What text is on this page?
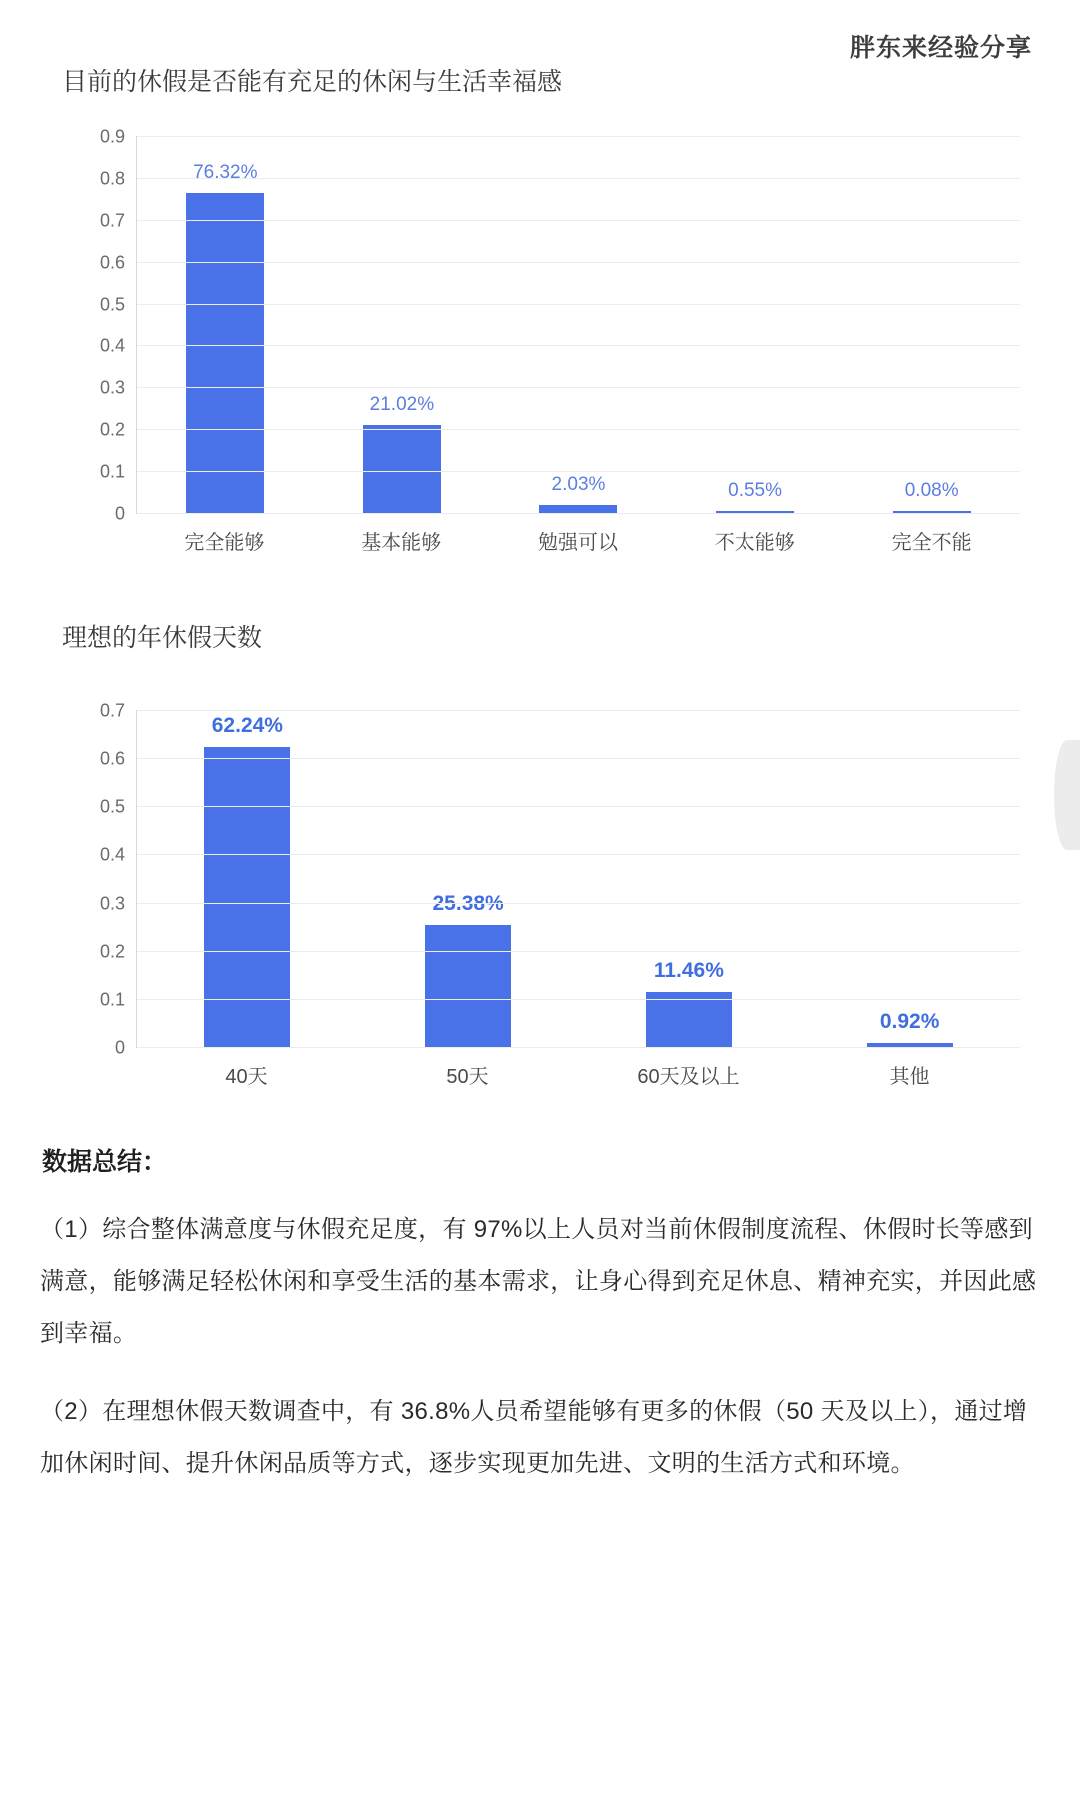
胖东来经验分享
目前的休假是否能有充足的休闲与生活幸福感
76.32%
21.02%
2.03%	0.55%	0.08%
0.9
0.8
0.7
0.6
0.5
0.4
0.3
0.2
0.1
0
完全能够	基本能够	勉强可以	不太能够	完全不能
理想的年休假天数
62.24%
25.38%
11.46%
0.92%
0.7
0.6
0.5
0.4
0.3
0.2
0.1
0
40天	50天	60天及以上	其他
数据总结：

（1）综合整体满意度与休假充足度，有 97%以上人员对当前休假制度流程、休假时长等感到满意，能够满足轻松休闲和享受生活的基本需求，让身心得到充足休息、精神充实，并因此感到幸福。

（2）在理想休假天数调查中，有 36.8%人员希望能够有更多的休假（50 天及以上），通过增加休闲时间、提升休闲品质等方式，逐步实现更加先进、文明的生活方式和环境。
